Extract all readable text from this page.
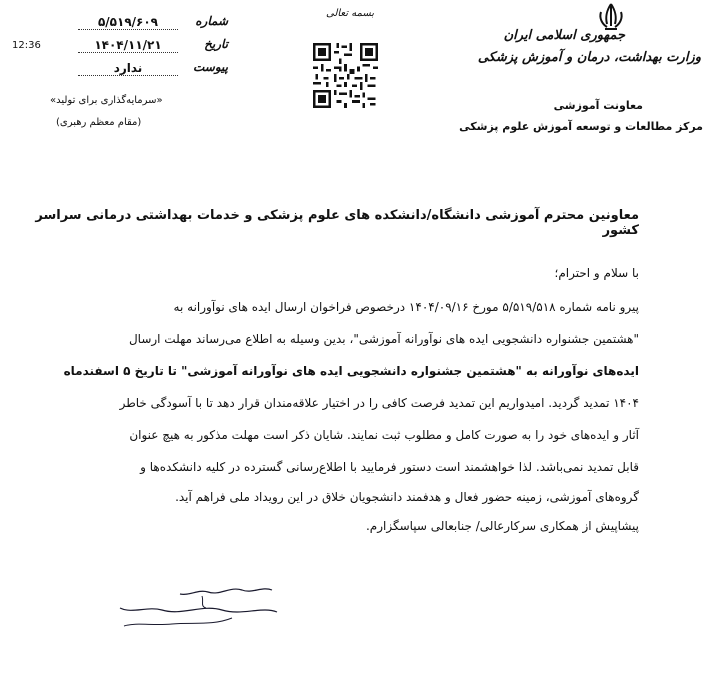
جمهوری اسلامی ایران
وزارت بهداشت، درمان و آموزش پزشکی
معاونت آموزشی
مرکز مطالعات و توسعه آموزش علوم پزشکی
بسمه تعالی
شماره
۵/۵۱۹/۶۰۹
تاریخ
۱۴۰۴/۱۱/۲۱
پیوست
ندارد
12:36
«سرمایه‌گذاری برای تولید»
(مقام معظم رهبری)
معاونین محترم آموزشی دانشگاه/دانشکده های علوم پزشکی و خدمات بهداشتی درمانی سراسر کشور
با سلام و احترام؛
پیرو نامه شماره ۵/۵۱۹/۵۱۸ مورخ ۱۴۰۴/۰۹/۱۶ درخصوص فراخوان ارسال ایده های نوآورانه به
"هشتمین جشنواره دانشجویی ایده های نوآورانه آموزشی"، بدین وسیله به اطلاع می‌رساند مهلت ارسال
ایده‌های نوآورانه به "هشتمین جشنواره دانشجویی ایده های نوآورانه آموزشی" تا تاریخ ۵ اسفندماه
۱۴۰۴ تمدید گردید. امیدواریم این تمدید فرصت کافی را در اختیار علاقه‌مندان قرار دهد تا با آسودگی خاطر
آثار و ایده‌های خود را به صورت کامل و مطلوب ثبت نمایند. شایان ذکر است مهلت مذکور به هیچ عنوان
قابل تمدید نمی‌باشد. لذا خواهشمند است دستور فرمایید با اطلاع‌رسانی گسترده در کلیه دانشکده‌ها و
گروه‌های آموزشی، زمینه حضور فعال و هدفمند دانشجویان خلاق در این رویداد ملی فراهم آید.
پیشاپیش از همکاری سرکارعالی/ جنابعالی سپاسگزارم.
